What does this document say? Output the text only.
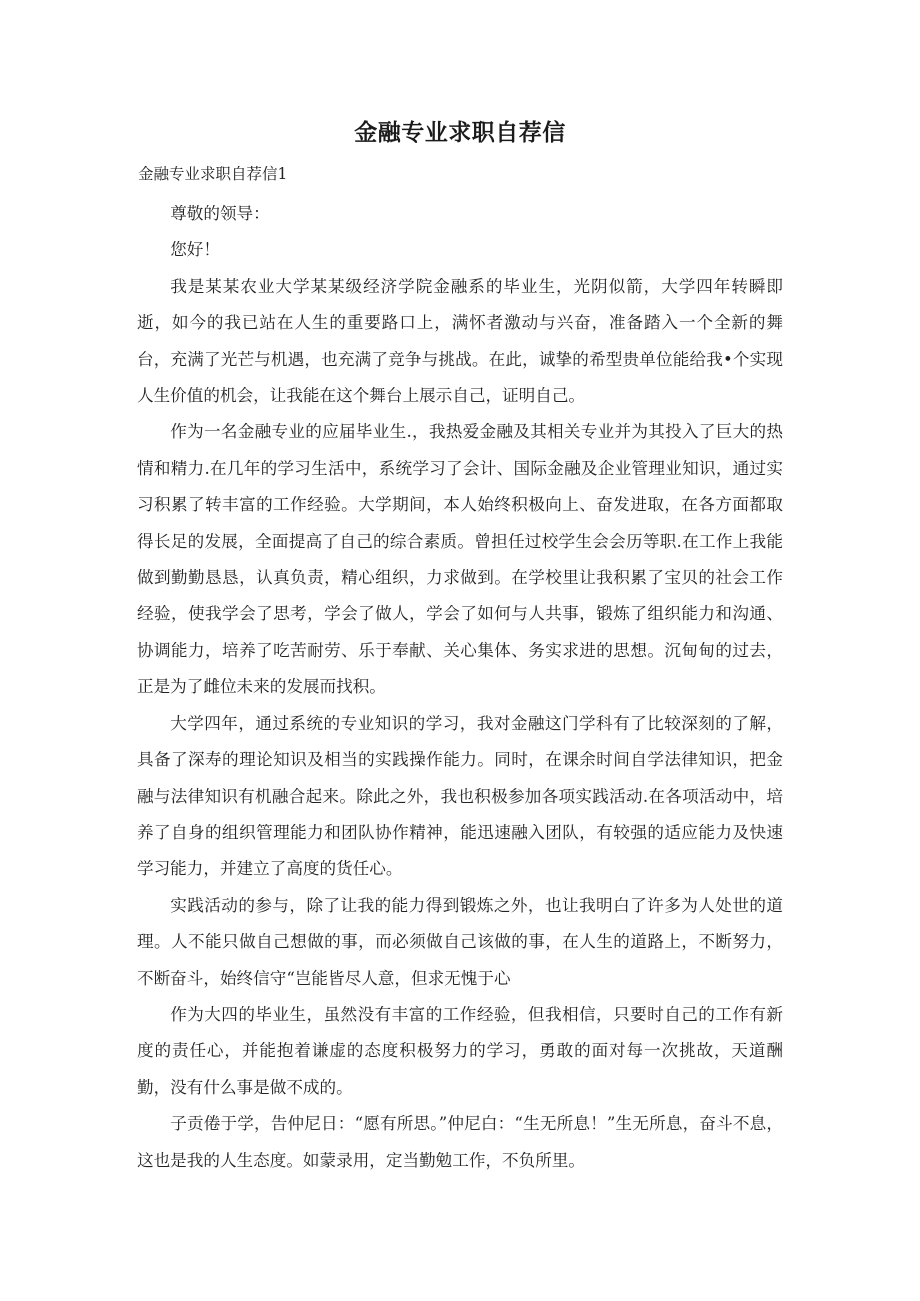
金融专业求职自荐信
金融专业求职自荐信1

尊敬的领导：

您好！

我是某某农业大学某某级经济学院金融系的毕业生，光阴似箭，大学四年转瞬即逝，如今的我已站在人生的重要路口上，满怀者激动与兴奋，准备踏入一个全新的舞台，充满了光芒与机遇，也充满了竞争与挑战。在此，诚挚的希型贵单位能给我•个实现人生价值的机会，让我能在这个舞台上展示自己，证明自己。

作为一名金融专业的应届毕业生.，我热爱金融及其相关专业并为其投入了巨大的热情和精力.在几年的学习生活中，系统学习了会计、国际金融及企业管理业知识，通过实习积累了转丰富的工作经验。大学期间，本人始终积极向上、奋发进取，在各方面都取得长足的发展，全面提高了自己的综合素质。曾担任过校学生会会历等职.在工作上我能做到勤勤恳恳，认真负责，精心组织，力求做到。在学校里让我积累了宝贝的社会工作经验，使我学会了思考，学会了做人，学会了如何与人共事，锻炼了组织能力和沟通、协调能力，培养了吃苦耐劳、乐于奉献、关心集体、务实求进的思想。沉甸甸的过去，正是为了雌位未来的发展而找积。

大学四年，通过系统的专业知识的学习，我对金融这门学科有了比较深刻的了解，具备了深寿的理论知识及相当的实践操作能力。同时，在课余时间自学法律知识，把金融与法律知识有机融合起来。除此之外，我也积极参加各项实践活动.在各项活动中，培养了自身的组织管理能力和团队协作精神，能迅速融入团队，有较强的适应能力及快速学习能力，并建立了高度的货任心。

实践活动的参与，除了让我的能力得到锻炼之外，也让我明白了许多为人处世的道理。人不能只做自己想做的事，而必须做自己该做的事，在人生的道路上，不断努力，不断奋斗，始终信守“岂能皆尽人意，但求无愧于心

作为大四的毕业生，虽然没有丰富的工作经验，但我相信，只要时自己的工作有新度的责任心，并能抱着谦虚的态度积极努力的学习，勇敢的面对每一次挑故，天道酬勤，没有什么事是做不成的。

子贡倦于学，告仲尼日：“愿有所思。”仲尼白：“生无所息！”生无所息，奋斗不息，这也是我的人生态度。如蒙录用，定当勤勉工作，不负所里。
